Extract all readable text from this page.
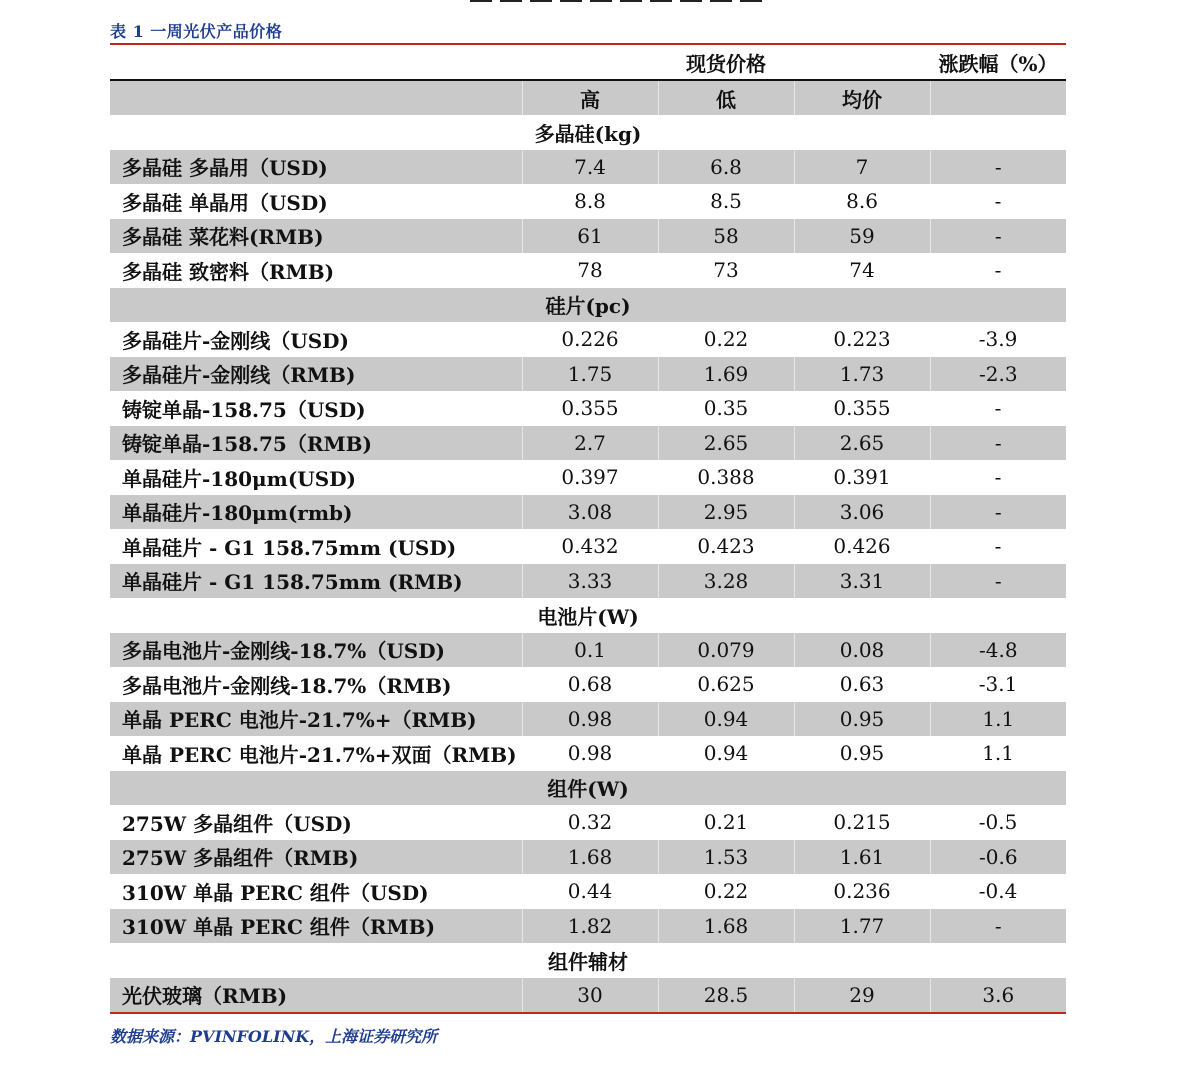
表 1 一周光伏产品价格
	现货价格			涨跌幅（%）
	高	低	均价	
多晶硅(kg)				
多晶硅 多晶用（USD)	7.4	6.8	7	-
多晶硅 单晶用（USD)	8.8	8.5	8.6	-
多晶硅 菜花料(RMB)	61	58	59	-
多晶硅 致密料（RMB)	78	73	74	-
硅片(pc)				
多晶硅片-金刚线（USD)	0.226	0.22	0.223	-3.9
多晶硅片-金刚线（RMB)	1.75	1.69	1.73	-2.3
铸锭单晶-158.75（USD)	0.355	0.35	0.355	-
铸锭单晶-158.75（RMB)	2.7	2.65	2.65	-
单晶硅片-180μm(USD)	0.397	0.388	0.391	-
单晶硅片-180μm(rmb)	3.08	2.95	3.06	-
单晶硅片 - G1 158.75mm (USD)	0.432	0.423	0.426	-
单晶硅片 - G1 158.75mm (RMB)	3.33	3.28	3.31	-
电池片(W)				
多晶电池片-金刚线-18.7%（USD)	0.1	0.079	0.08	-4.8
多晶电池片-金刚线-18.7%（RMB)	0.68	0.625	0.63	-3.1
单晶 PERC 电池片-21.7%+（RMB)	0.98	0.94	0.95	1.1
单晶 PERC 电池片-21.7%+双面（RMB)	0.98	0.94	0.95	1.1
组件(W)				
275W 多晶组件（USD)	0.32	0.21	0.215	-0.5
275W 多晶组件（RMB)	1.68	1.53	1.61	-0.6
310W 单晶 PERC 组件（USD)	0.44	0.22	0.236	-0.4
310W 单晶 PERC 组件（RMB)	1.82	1.68	1.77	-
组件辅材				
光伏玻璃（RMB)	30	28.5	29	3.6
数据来源：PVINFOLINK，上海证券研究所
